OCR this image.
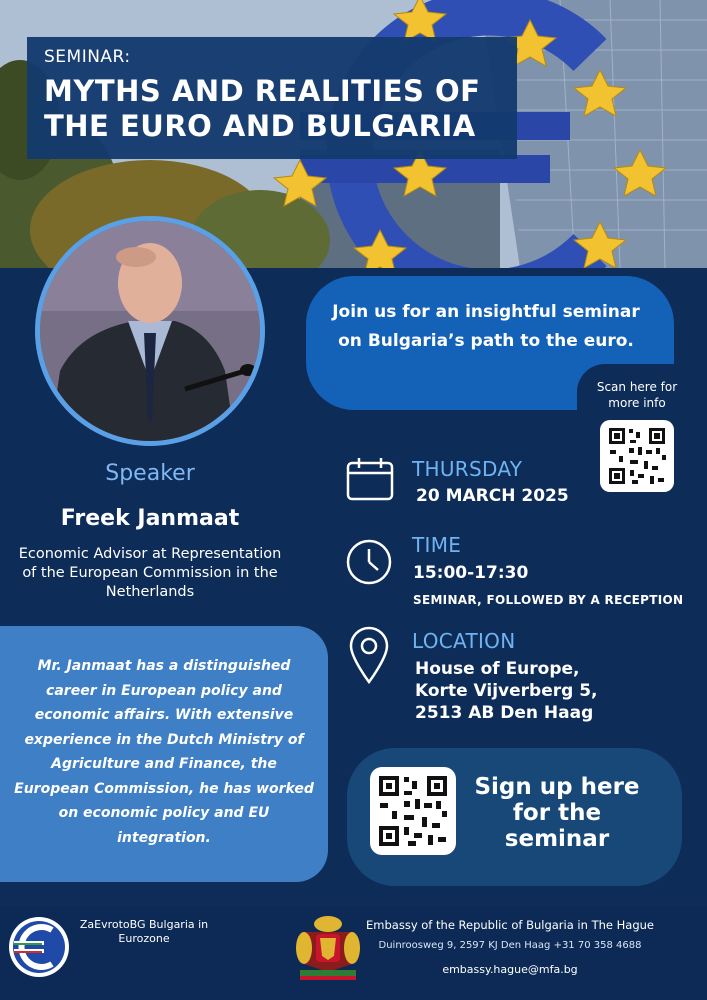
SEMINAR:
MYTHS AND REALITIES OF THE EURO AND BULGARIA
Join us for an insightful seminar on Bulgaria’s path to the euro.
Scan here for more info
Speaker
Freek Janmaat
Economic Advisor at Representation of the European Commission in the Netherlands
Mr. Janmaat has a distinguished career in European policy and economic affairs. With extensive experience in the Dutch Ministry of Agriculture and Finance, the European Commission, he has worked on economic policy and EU integration.
THURSDAY
20 MARCH 2025
TIME
15:00-17:30
SEMINAR, FOLLOWED BY A RECEPTION
LOCATION
House of Europe,
Korte Vijverberg 5,
2513 AB Den Haag
Sign up here for the seminar
ZaEvrotoBG Bulgaria in Eurozone
Embassy of the Republic of Bulgaria in The Hague
Duinroosweg 9, 2597 KJ Den Haag +31 70 358 4688
embassy.hague@mfa.bg
